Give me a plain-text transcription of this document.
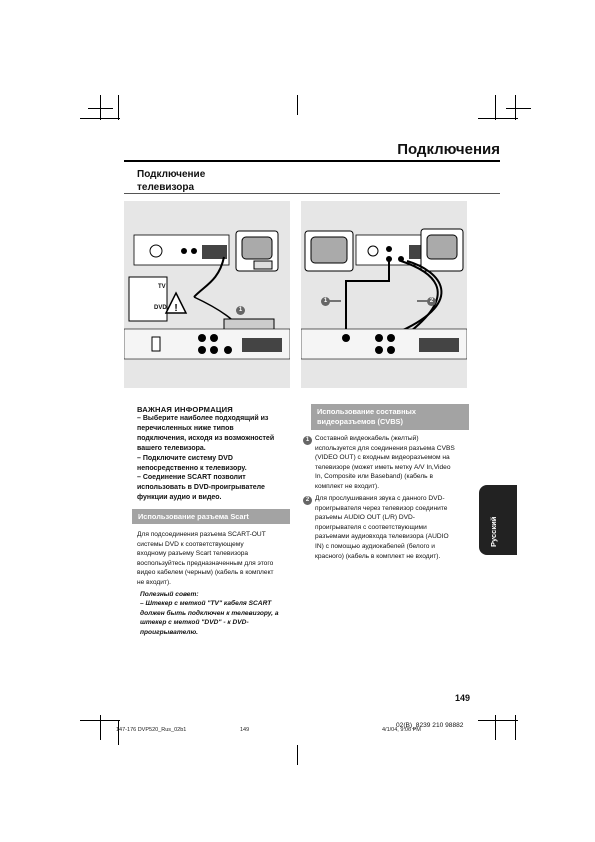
Подключения
Подключение
телевизора
!
TV
DVD	1
1	2
ВАЖНАЯ ИНФОРМАЦИЯ
– Выберите наиболее подходящий из
перечисленных ниже типов
подключения, исходя из возможностей
вашего телевизора.
– Подключите систему DVD
непосредственно к телевизору.
– Соединение SCART позволит
использовать в DVD-проигрывателе
функции аудио и видео.
Использование разъема Scart
Для подсоединения разъема SCART-OUT
системы DVD к соответствующему
входному разъему Scart телевизора
воспользуйтесь предназначенным для этого
видео кабелем (черным) (кабель в комплект
не входит).
Полезный совет:
– Штекер с меткой "TV" кабеля SCART
должен быть подключен к телевизору, а
штекер с меткой "DVD" - к DVD-
проигрывателю.
Использование составных
видеоразъемов (CVBS)
1 Составной видеокабель (желтый)
используется для соединения разъема CVBS
(VIDEO OUT) с входным видеоразъемом на
телевизоре (может иметь метку A/V In,Video
In, Composite или Baseband) (кабель в
комплект не входит).
2 Для прослушивания звука с данного DVD-
проигрывателя через телевизор соедините
разъемы AUDIO OUT (L/R) DVD-
проигрывателя с соответствующими
разъемами аудиовхода телевизора (AUDIO
IN) с помощью аудиокабелей (белого и
красного) (кабель в комплект не входит).
Русский
149
147-176 DVP520_Rus_02b1	149	4/1/04, 9:06 PM
02(B)_8239 210 98882
